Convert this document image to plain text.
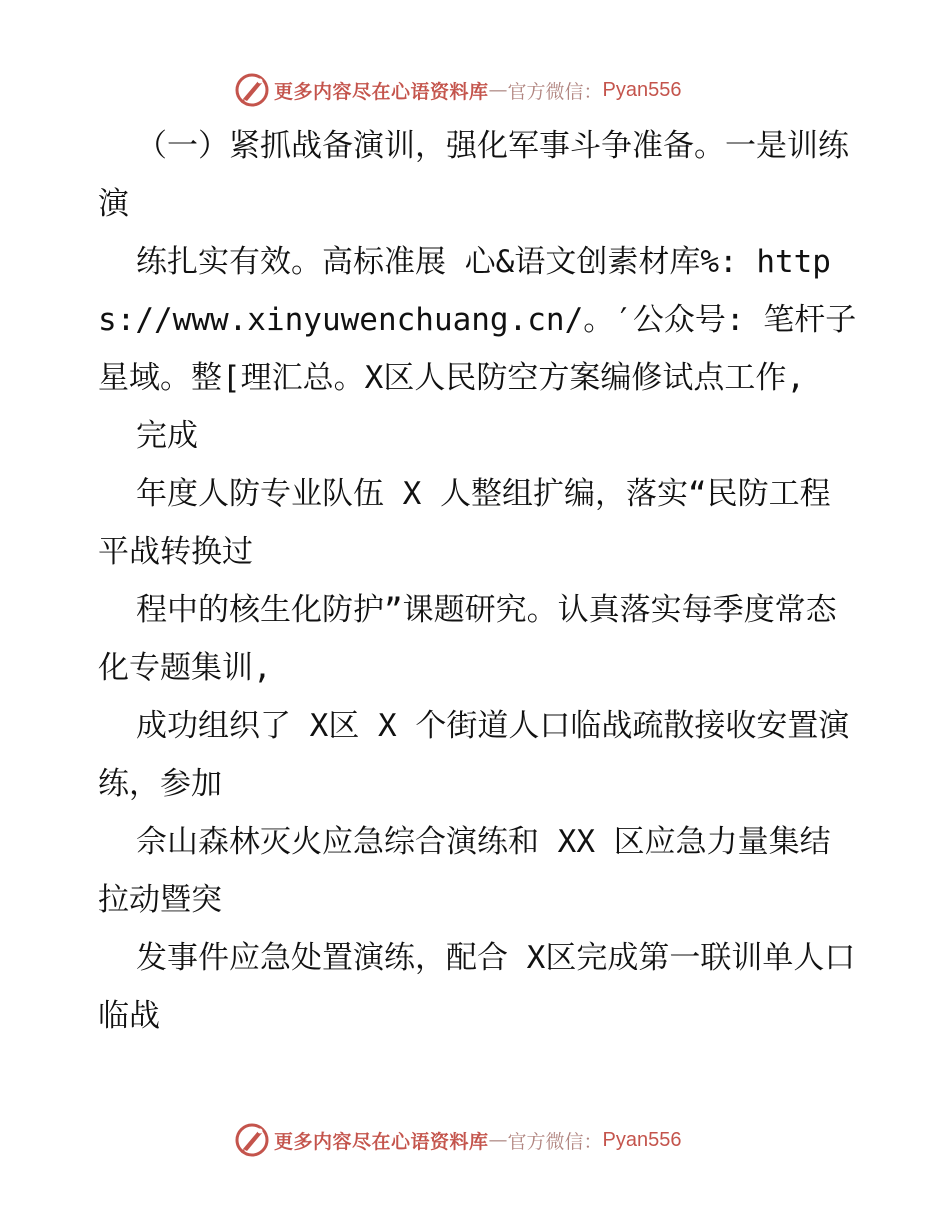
更多内容尽在心语资料库 — 官方微信： Pyan556

（一）紧抓战备演训，强化军事斗争准备。一是训练演

练扎实有效。高标准展 心&语文创素材库%: https://www.xinyuwenchuang.cn/。′公众号: 笔杆子星域。整[理汇总。X区人民防空方案编修试点工作,

完成

年度人防专业队伍 X 人整组扩编，落实“民防工程平战转换过

程中的核生化防护”课题研究。认真落实每季度常态化专题集训,

成功组织了 X区 X 个街道人口临战疏散接收安置演练，参加

佘山森林灭火应急综合演练和 XX 区应急力量集结拉动暨突

发事件应急处置演练，配合 X区完成第一联训单人口临战

更多内容尽在心语资料库 — 官方微信： Pyan556
